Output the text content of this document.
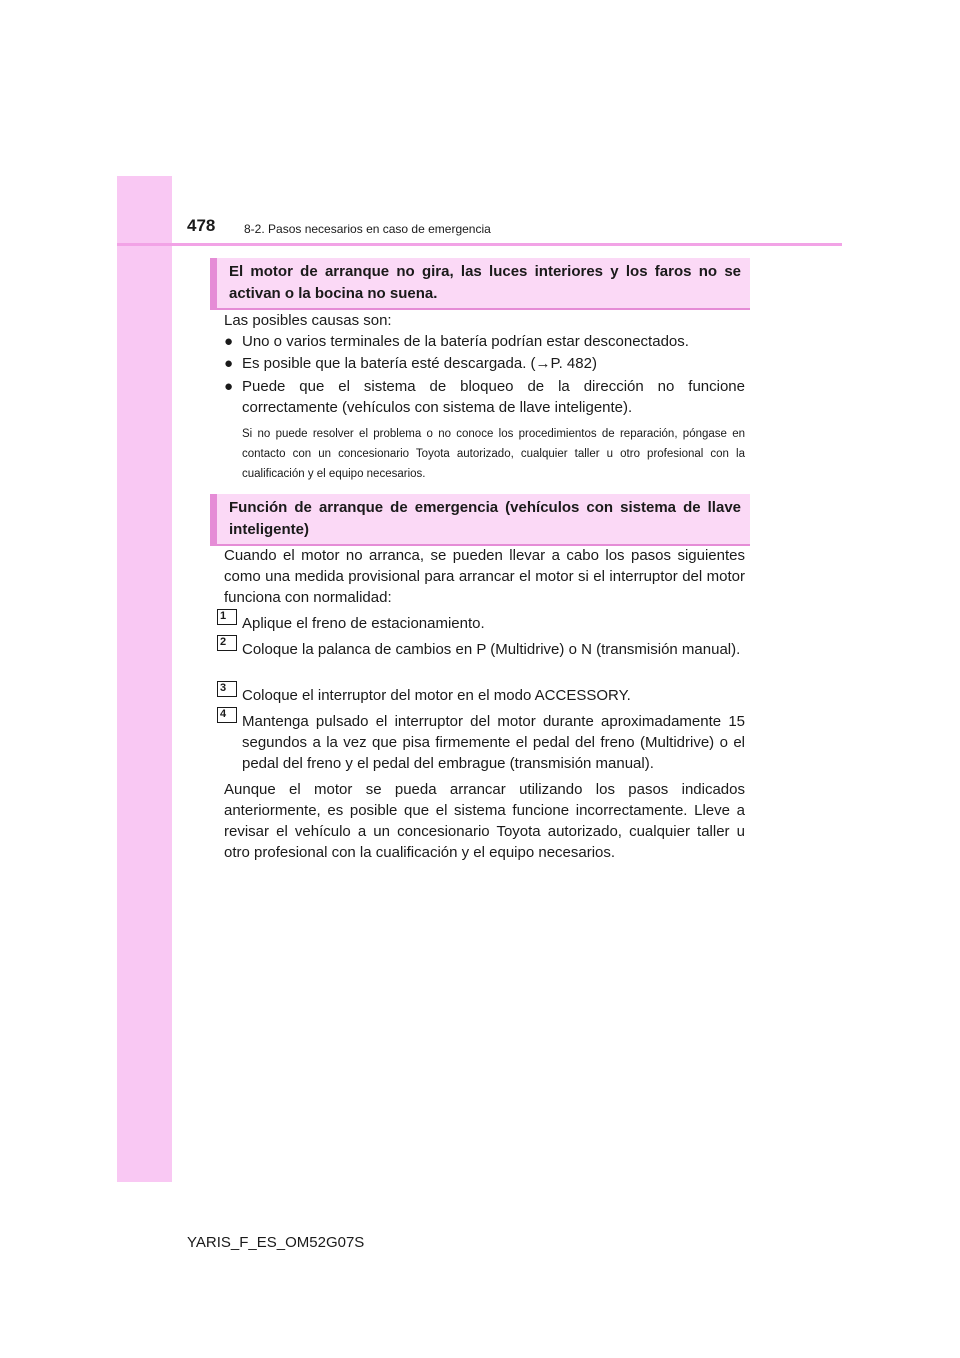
478 8-2. Pasos necesarios en caso de emergencia
El motor de arranque no gira, las luces interiores y los faros no se activan o la bocina no suena.
Las posibles causas son:
● Uno o varios terminales de la batería podrían estar desconectados.
● Es posible que la batería esté descargada. (→P. 482)
● Puede que el sistema de bloqueo de la dirección no funcione correctamente (vehículos con sistema de llave inteligente).
Si no puede resolver el problema o no conoce los procedimientos de reparación, póngase en contacto con un concesionario Toyota autorizado, cualquier taller u otro profesional con la cualificación y el equipo necesarios.
Función de arranque de emergencia (vehículos con sistema de llave inteligente)
Cuando el motor no arranca, se pueden llevar a cabo los pasos siguientes como una medida provisional para arrancar el motor si el interruptor del motor funciona con normalidad:
1	Aplique el freno de estacionamiento.
2	Coloque la palanca de cambios en P (Multidrive) o N (transmisión manual).
3	Coloque el interruptor del motor en el modo ACCESSORY.
4	Mantenga pulsado el interruptor del motor durante aproximadamente 15 segundos a la vez que pisa firmemente el pedal del freno (Multidrive) o el pedal del freno y el pedal del embrague (transmisión manual).
Aunque el motor se pueda arrancar utilizando los pasos indicados anteriormente, es posible que el sistema funcione incorrectamente. Lleve a revisar el vehículo a un concesionario Toyota autorizado, cualquier taller u otro profesional con la cualificación y el equipo necesarios.
YARIS_F_ES_OM52G07S
